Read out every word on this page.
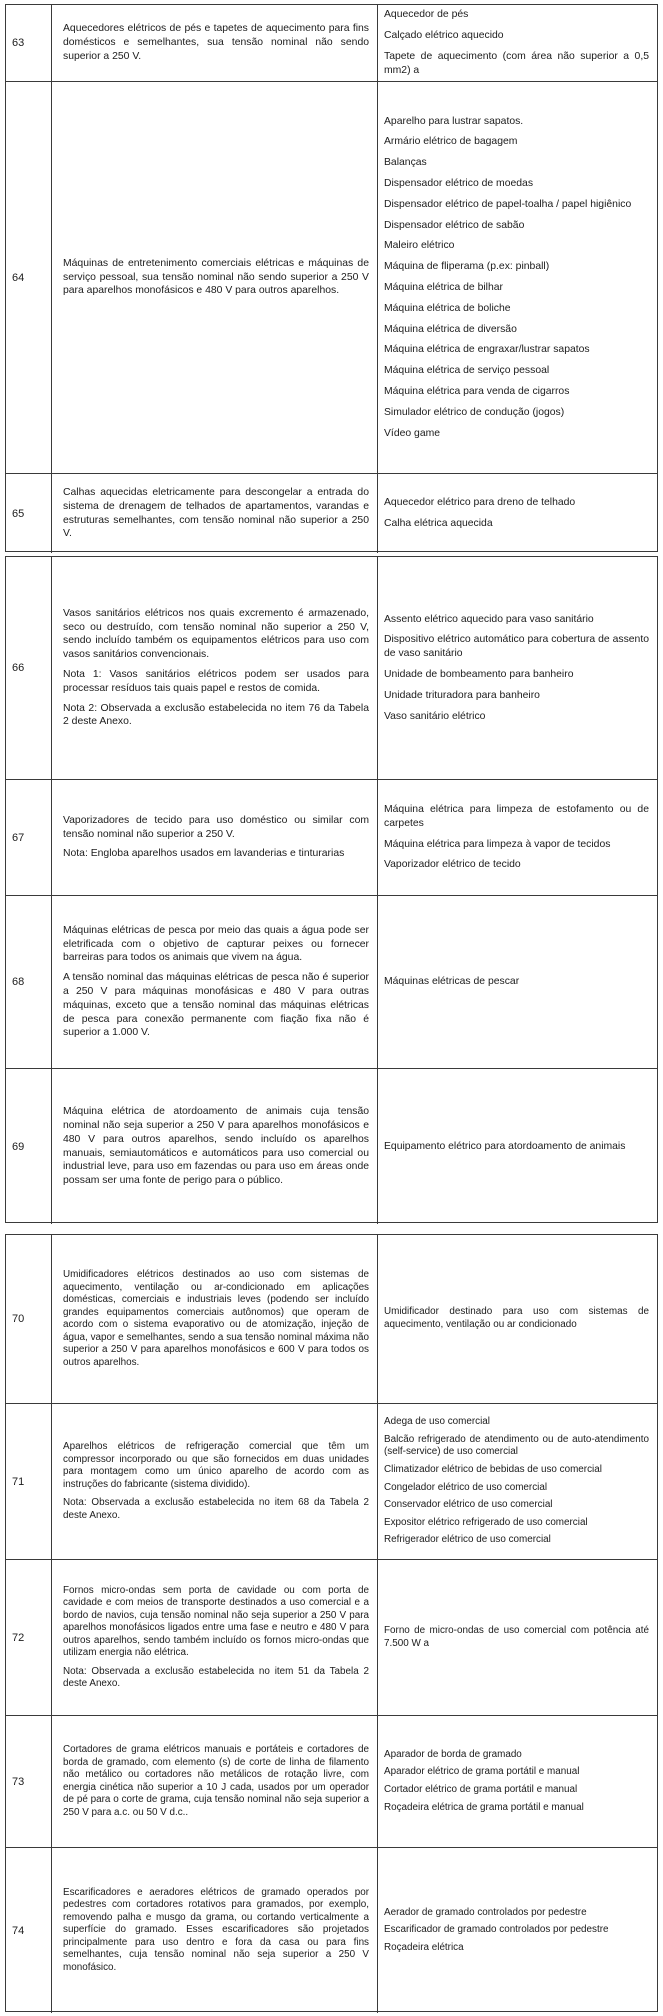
63

Aquecedores elétricos de pés e tapetes de aquecimento para fins domésticos e semelhantes, sua tensão nominal não sendo superior a 250 V.

Aquecedor de pés
Calçado elétrico aquecido
Tapete de aquecimento (com área não superior a 0,5 mm2) a
64

Máquinas de entretenimento comerciais elétricas e máquinas de serviço pessoal, sua tensão nominal não sendo superior a 250 V para aparelhos monofásicos e 480 V para outros aparelhos.

Aparelho para lustrar sapatos.
Armário elétrico de bagagem
Balanças
Dispensador elétrico de moedas
Dispensador elétrico de papel-toalha / papel higiênico
Dispensador elétrico de sabão
Maleiro elétrico
Máquina de fliperama (p.ex: pinball)
Máquina elétrica de bilhar
Máquina elétrica de boliche
Máquina elétrica de diversão
Máquina elétrica de engraxar/lustrar sapatos
Máquina elétrica de serviço pessoal
Máquina elétrica para venda de cigarros
Simulador elétrico de condução (jogos)
Vídeo game
65

Calhas aquecidas eletricamente para descongelar a entrada do sistema de drenagem de telhados de apartamentos, varandas e estruturas semelhantes, com tensão nominal não superior a 250 V.

Aquecedor elétrico para dreno de telhado
Calha elétrica aquecida
66

Vasos sanitários elétricos nos quais excremento é armazenado, seco ou destruído, com tensão nominal não superior a 250 V, sendo incluído também os equipamentos elétricos para uso com vasos sanitários convencionais.

Nota 1: Vasos sanitários elétricos podem ser usados para processar resíduos tais quais papel e restos de comida.

Nota 2: Observada a exclusão estabelecida no item 76 da Tabela 2 deste Anexo.

Assento elétrico aquecido para vaso sanitário
Dispositivo elétrico automático para cobertura de assento de vaso sanitário
Unidade de bombeamento para banheiro
Unidade trituradora para banheiro
Vaso sanitário elétrico
67

Vaporizadores de tecido para uso doméstico ou similar com tensão nominal não superior a 250 V.

Nota: Engloba aparelhos usados em lavanderias e tinturarias

Máquina elétrica para limpeza de estofamento ou de carpetes
Máquina elétrica para limpeza à vapor de tecidos
Vaporizador elétrico de tecido
68

Máquinas elétricas de pesca por meio das quais a água pode ser eletrificada com o objetivo de capturar peixes ou fornecer barreiras para todos os animais que vivem na água.

A tensão nominal das máquinas elétricas de pesca não é superior a 250 V para máquinas monofásicas e 480 V para outras máquinas, exceto que a tensão nominal das máquinas elétricas de pesca para conexão permanente com fiação fixa não é superior a 1.000 V.

Máquinas elétricas de pescar
69

Máquina elétrica de atordoamento de animais cuja tensão nominal não seja superior a 250 V para aparelhos monofásicos e 480 V para outros aparelhos, sendo incluído os aparelhos manuais, semiautomáticos e automáticos para uso comercial ou industrial leve, para uso em fazendas ou para uso em áreas onde possam ser uma fonte de perigo para o público.

Equipamento elétrico para atordoamento de animais
70

Umidificadores elétricos destinados ao uso com sistemas de aquecimento, ventilação ou ar-condicionado em aplicações domésticas, comerciais e industriais leves (podendo ser incluído grandes equipamentos comerciais autônomos) que operam de acordo com o sistema evaporativo ou de atomização, injeção de água, vapor e semelhantes, sendo a sua tensão nominal máxima não superior a 250 V para aparelhos monofásicos e 600 V para todos os outros aparelhos.

Umidificador destinado para uso com sistemas de aquecimento, ventilação ou ar condicionado
71

Aparelhos elétricos de refrigeração comercial que têm um compressor incorporado ou que são fornecidos em duas unidades para montagem como um único aparelho de acordo com as instruções do fabricante (sistema dividido).

Nota: Observada a exclusão estabelecida no item 68 da Tabela 2 deste Anexo.

Adega de uso comercial
Balcão refrigerado de atendimento ou de auto-atendimento (self-service) de uso comercial
Climatizador elétrico de bebidas de uso comercial
Congelador elétrico de uso comercial
Conservador elétrico de uso comercial
Expositor elétrico refrigerado de uso comercial
Refrigerador elétrico de uso comercial
72

Fornos micro-ondas sem porta de cavidade ou com porta de cavidade e com meios de transporte destinados a uso comercial e a bordo de navios, cuja tensão nominal não seja superior a 250 V para aparelhos monofásicos ligados entre uma fase e neutro e 480 V para outros aparelhos, sendo também incluído os fornos micro-ondas que utilizam energia não elétrica.

Nota: Observada a exclusão estabelecida no item 51 da Tabela 2 deste Anexo.

Forno de micro-ondas de uso comercial com potência até 7.500 W a
73

Cortadores de grama elétricos manuais e portáteis e cortadores de borda de gramado, com elemento (s) de corte de linha de filamento não metálico ou cortadores não metálicos de rotação livre, com energia cinética não superior a 10 J cada, usados por um operador de pé para o corte de grama, cuja tensão nominal não seja superior a 250 V para a.c. ou 50 V d.c..

Aparador de borda de gramado
Aparador elétrico de grama portátil e manual
Cortador elétrico de grama portátil e manual
Roçadeira elétrica de grama portátil e manual
74

Escarificadores e aeradores elétricos de gramado operados por pedestres com cortadores rotativos para gramados, por exemplo, removendo palha e musgo da grama, ou cortando verticalmente a superfície do gramado. Esses escarificadores são projetados principalmente para uso dentro e fora da casa ou para fins semelhantes, cuja tensão nominal não seja superior a 250 V monofásico.

Aerador de gramado controlados por pedestre
Escarificador de gramado controlados por pedestre
Roçadeira elétrica
